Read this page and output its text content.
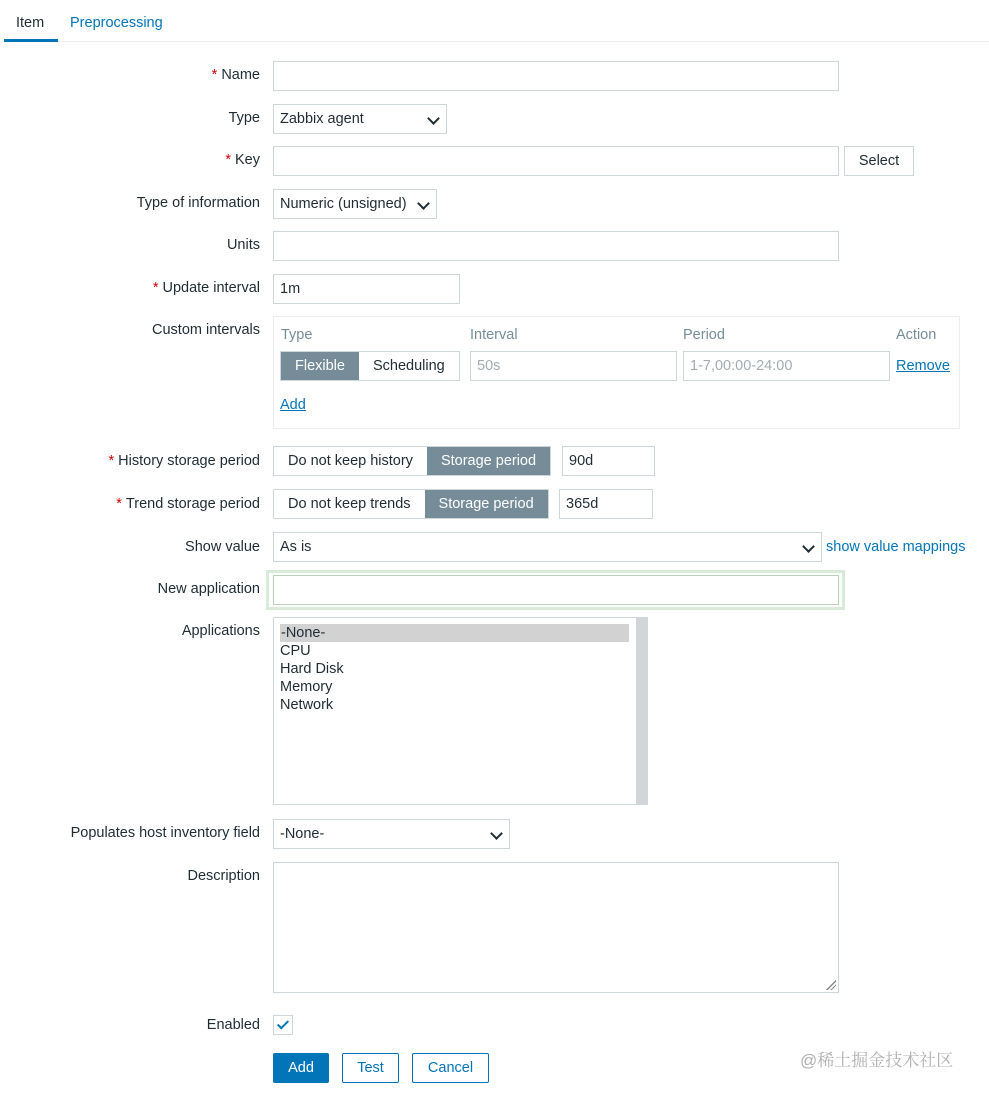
Item	Preprocessing
* Name
Type	Zabbix agent
* Key	Select
Type of information	Numeric (unsigned)
Units
* Update interval	1m
Custom intervals Type	Interval	Period	Action
Flexible	Scheduling	50s	1-7,00:00-24:00	Remove
Add
* History storage period	Do not keep history	Storage period	90d
* Trend storage period	Do not keep trends	Storage period	365d
Show value	As is	show value mappings
New application
Applications -None-
CPU
Hard Disk
Memory
Network
Populates host inventory field	-None-
Description
Enabled
Add	Test	Cancel	@稀土掘金技术社区
